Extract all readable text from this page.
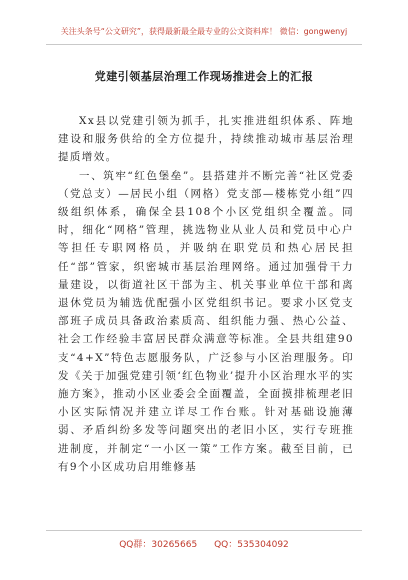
关注头条号“公文研究”，获得最新最全最专业的公文资料库！ 微信：gongwenyj
党建引领基层治理工作现场推进会上的汇报

Xx县以党建引领为抓手，扎实推进组织体系、阵地建设和服务供给的全方位提升，持续推动城市基层治理提质增效。

一、筑牢“红色堡垒”。县搭建并不断完善“社区党委（党总支）—居民小组（网格）党支部—楼栋党小组”四级组织体系，确保全县108个小区党组织全覆盖。同时，细化“网格”管理，挑选物业从业人员和党员中心户等担任专职网格员，并吸纳在职党员和热心居民担任“部”管家，织密城市基层治理网络。通过加强骨干力量建设，以街道社区干部为主、机关事业单位干部和离退休党员为辅选优配强小区党组织书记。要求小区党支部班子成员具备政治素质高、组织能力强、热心公益、社会工作经验丰富居民群众满意等标准。全县共组建90支“4+X”特色志愿服务队，广泛参与小区治理服务。印发《关于加强党建引领‘红色物业’提升小区治理水平的实施方案》，推动小区业委会全面覆盖，全面摸排梳理老旧小区实际情况并建立详尽工作台账。针对基础设施薄弱、矛盾纠纷多发等问题突出的老旧小区，实行专班推进制度，并制定“一小区一策”工作方案。截至目前，已有9个小区成功启用维修基

QQ群：30265665 QQ：535304092
